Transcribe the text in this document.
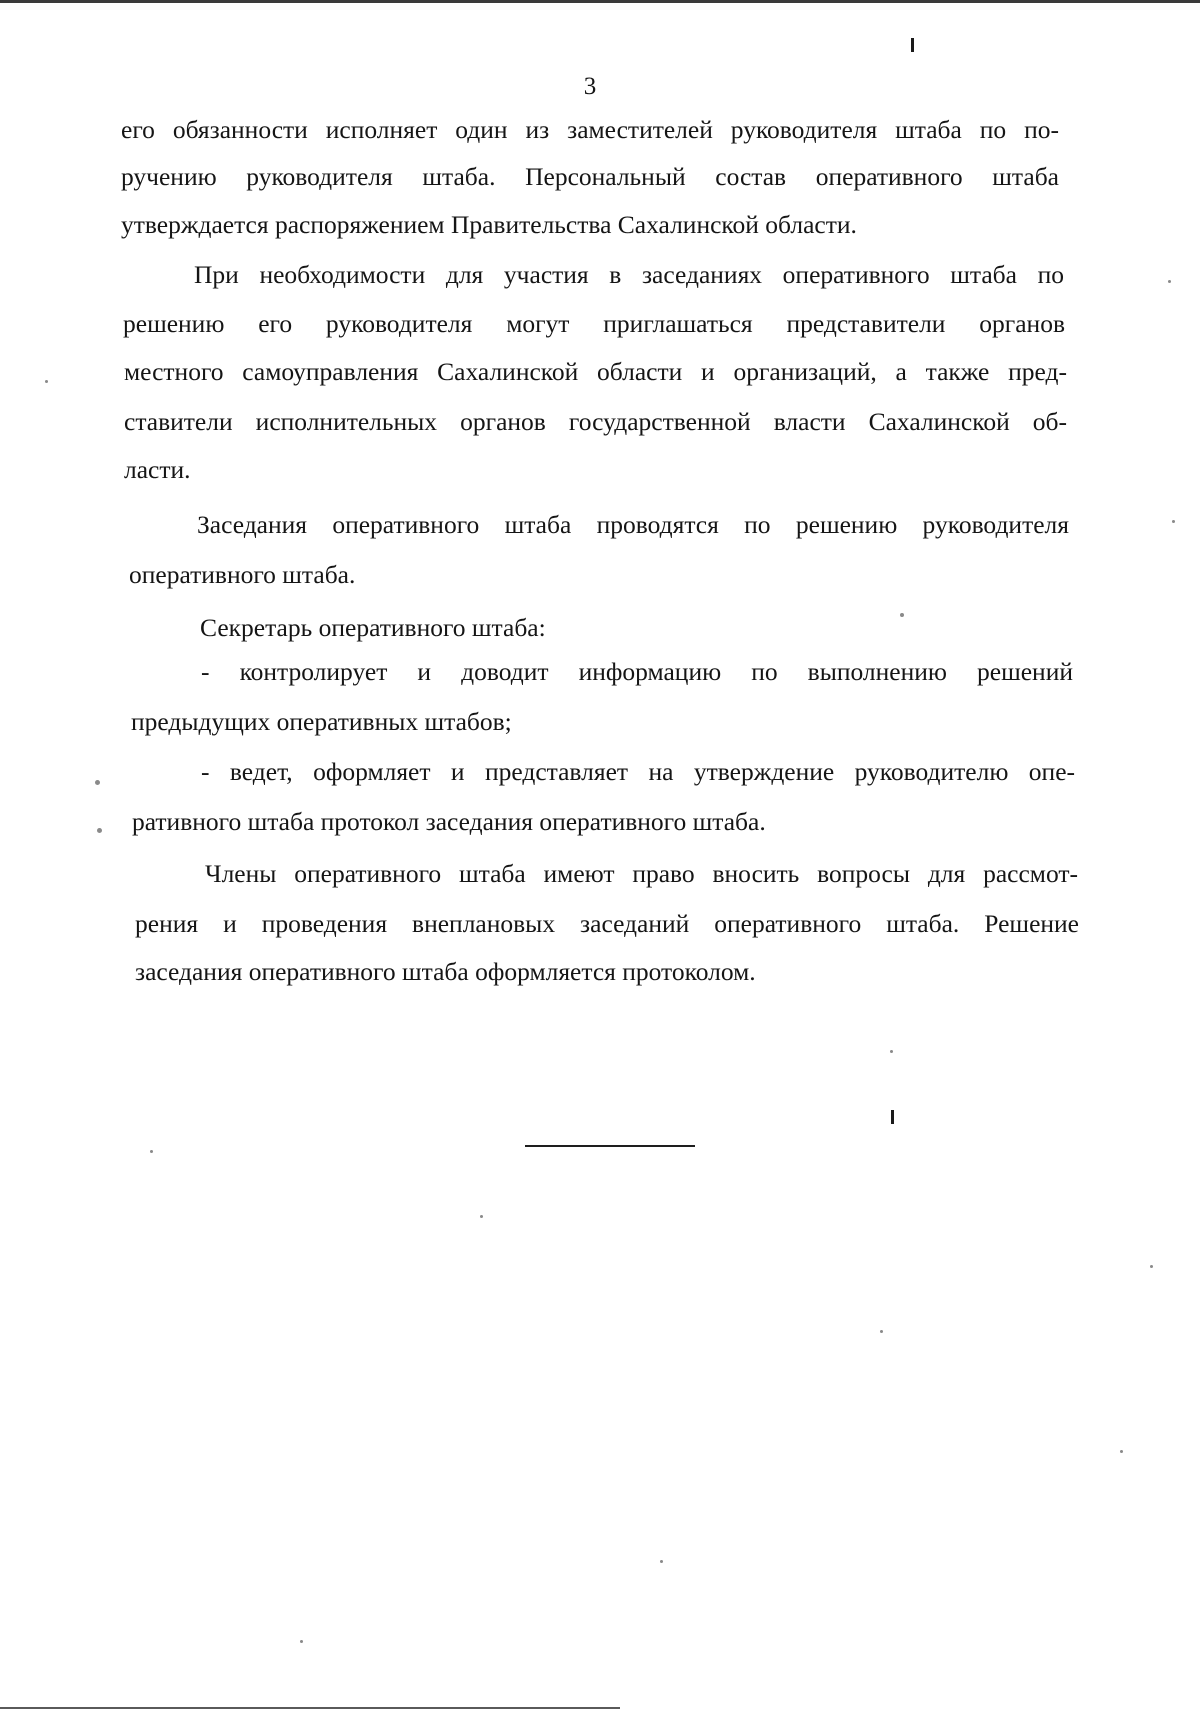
3
его обязанности исполняет один из заместителей руководителя штаба по по-
ручению руководителя штаба. Персональный состав оперативного штаба
утверждается распоряжением Правительства Сахалинской области.
При необходимости для участия в заседаниях оперативного штаба по
решению его руководителя могут приглашаться представители органов
местного самоуправления Сахалинской области и организаций, а также пред-
ставители исполнительных органов государственной власти Сахалинской об-
ласти.
Заседания оперативного штаба проводятся по решению руководителя
оперативного штаба.
Секретарь оперативного штаба:
- контролирует и доводит информацию по выполнению решений
предыдущих оперативных штабов;
- ведет, оформляет и представляет на утверждение руководителю опе-
ративного штаба протокол заседания оперативного штаба.
Члены оперативного штаба имеют право вносить вопросы для рассмот-
рения и проведения внеплановых заседаний оперативного штаба. Решение
заседания оперативного штаба оформляется протоколом.
